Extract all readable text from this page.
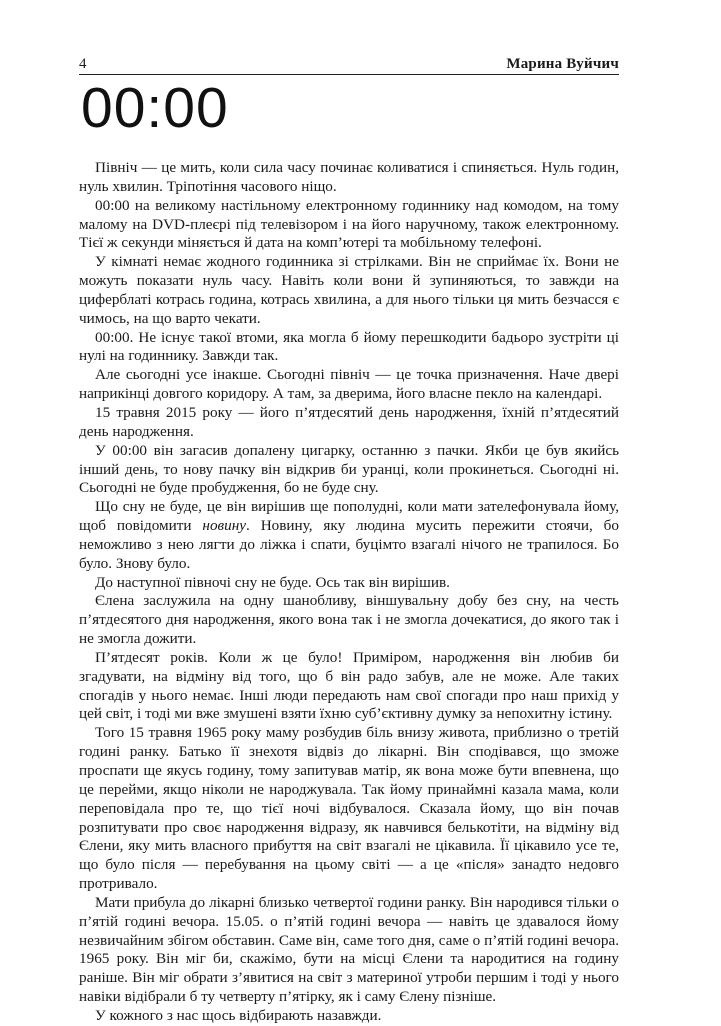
4	Марина Вуйчич
00:00

Північ — це мить, коли сила часу починає коливатися і спиняється. Нуль годин, нуль хвилин. Тріпотіння часового ніщо.

00:00 на великому настільному електронному годиннику над комодом, на тому малому на DVD-плеєрі під телевізором і на його наручному, також електронному. Тієї ж секунди міняється й дата на комп’ютері та мобільному телефоні.

У кімнаті немає жодного годинника зі стрілками. Він не сприймає їх. Вони не можуть показати нуль часу. Навіть коли вони й зупиняються, то завжди на циферблаті котрась година, котрась хвилина, а для нього тільки ця мить безчасся є чимось, на що варто чекати.

00:00. Не існує такої втоми, яка могла б йому перешкодити бадьоро зустріти ці нулі на годиннику. Завжди так.

Але сьогодні усе інакше. Сьогодні північ — це точка призначення. Наче двері наприкінці довгого коридору. А там, за дверима, його власне пекло на календарі.

15 травня 2015 року — його п’ятдесятий день народження, їхній п’ятдесятий день народження.

У 00:00 він загасив допалену цигарку, останню з пачки. Якби це був якийсь інший день, то нову пачку він відкрив би уранці, коли прокинеться. Сьогодні ні. Сьогодні не буде пробудження, бо не буде сну.

Що сну не буде, це він вирішив ще пополудні, коли мати зателефонувала йому, щоб повідомити новину. Новину, яку людина мусить пережити стоячи, бо неможливо з нею лягти до ліжка і спати, буцімто взагалі нічого не трапилося. Бо було. Знову було.

До наступної півночі сну не буде. Ось так він вирішив.

Єлена заслужила на одну шанобливу, віншувальну добу без сну, на честь п’ятдесятого дня народження, якого вона так і не змогла дочекатися, до якого так і не змогла дожити.

П’ятдесят років. Коли ж це було! Приміром, народження він любив би згадувати, на відміну від того, що б він радо забув, але не може. Але таких спогадів у нього немає. Інші люди передають нам свої спогади про наш прихід у цей світ, і тоді ми вже змушені взяти їхню суб’єктивну думку за непохитну істину.

Того 15 травня 1965 року маму розбудив біль внизу живота, приблизно о третій годині ранку. Батько її знехотя відвіз до лікарні. Він сподівався, що зможе проспати ще якусь годину, тому запитував матір, як вона може бути впевнена, що це перейми, якщо ніколи не народжувала. Так йому принаймні казала мама, коли переповідала про те, що тієї ночі відбувалося. Сказала йому, що він почав розпитувати про своє народження відразу, як навчився белькотіти, на відміну від Єлени, яку мить власного прибуття на світ взагалі не цікавила. Її цікавило усе те, що було після — перебування на цьому світі — а це «після» занадто недовго протривало.

Мати прибула до лікарні близько четвертої години ранку. Він народився тільки о п’ятій годині вечора. 15.05. о п’ятій годині вечора — навіть це здавалося йому незвичайним збігом обставин. Саме він, саме того дня, саме о п’ятій годині вечора. 1965 року. Він міг би, скажімо, бути на місці Єлени та народитися на годину раніше. Він міг обрати з’явитися на світ з материної утроби першим і тоді у нього навіки відібрали б ту четверту п’ятірку, як і саму Єлену пізніше.

У кожного з нас щось відбирають назавжди.
